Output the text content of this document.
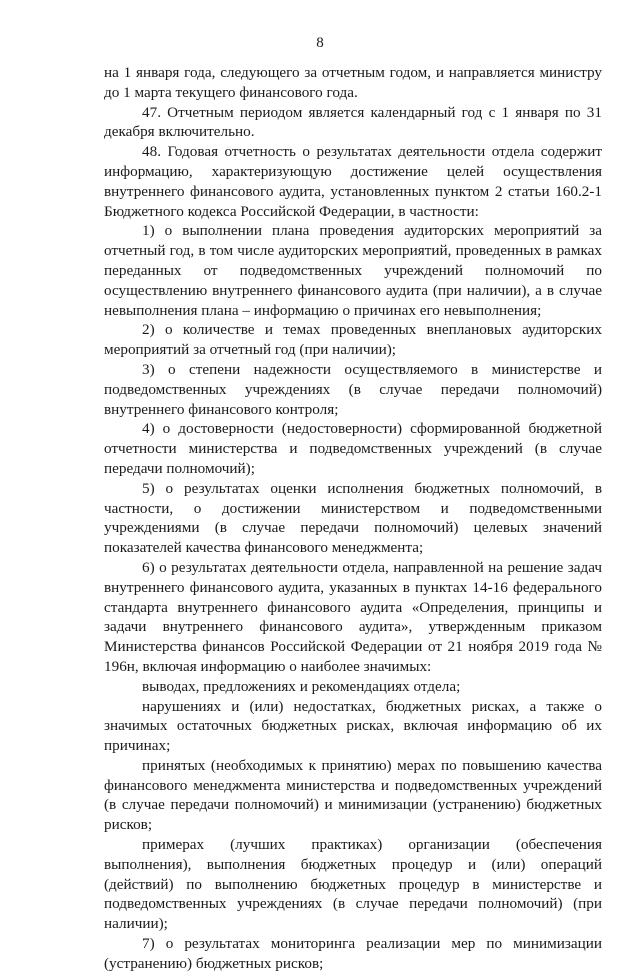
8

на 1 января года, следующего за отчетным годом, и направляется министру до 1 марта текущего финансового года.

47. Отчетным периодом является календарный год с 1 января по 31 декабря включительно.

48. Годовая отчетность о результатах деятельности отдела содержит информацию, характеризующую достижение целей осуществления внутреннего финансового аудита, установленных пунктом 2 статьи 160.2-1 Бюджетного кодекса Российской Федерации, в частности:

1) о выполнении плана проведения аудиторских мероприятий за отчетный год, в том числе аудиторских мероприятий, проведенных в рамках переданных от подведомственных учреждений полномочий по осуществлению внутреннего финансового аудита (при наличии), а в случае невыполнения плана – информацию о причинах его невыполнения;

2) о количестве и темах проведенных внеплановых аудиторских мероприятий за отчетный год (при наличии);

3) о степени надежности осуществляемого в министерстве и подведомственных учреждениях (в случае передачи полномочий) внутреннего финансового контроля;

4) о достоверности (недостоверности) сформированной бюджетной отчетности министерства и подведомственных учреждений (в случае передачи полномочий);

5) о результатах оценки исполнения бюджетных полномочий, в частности, о достижении министерством и подведомственными учреждениями (в случае передачи полномочий) целевых значений показателей качества финансового менеджмента;

6) о результатах деятельности отдела, направленной на решение задач внутреннего финансового аудита, указанных в пунктах 14-16 федерального стандарта внутреннего финансового аудита «Определения, принципы и задачи внутреннего финансового аудита», утвержденным приказом Министерства финансов Российской Федерации от 21 ноября 2019 года № 196н, включая информацию о наиболее значимых:

выводах, предложениях и рекомендациях отдела;

нарушениях и (или) недостатках, бюджетных рисках, а также о значимых остаточных бюджетных рисках, включая информацию об их причинах;

принятых (необходимых к принятию) мерах по повышению качества финансового менеджмента министерства и подведомственных учреждений (в случае передачи полномочий) и минимизации (устранению) бюджетных рисков;

примерах (лучших практиках) организации (обеспечения выполнения), выполнения бюджетных процедур и (или) операций (действий) по выполнению бюджетных процедур в министерстве и подведомственных учреждениях (в случае передачи полномочий) (при наличии);

7) о результатах мониторинга реализации мер по минимизации (устранению) бюджетных рисков;
